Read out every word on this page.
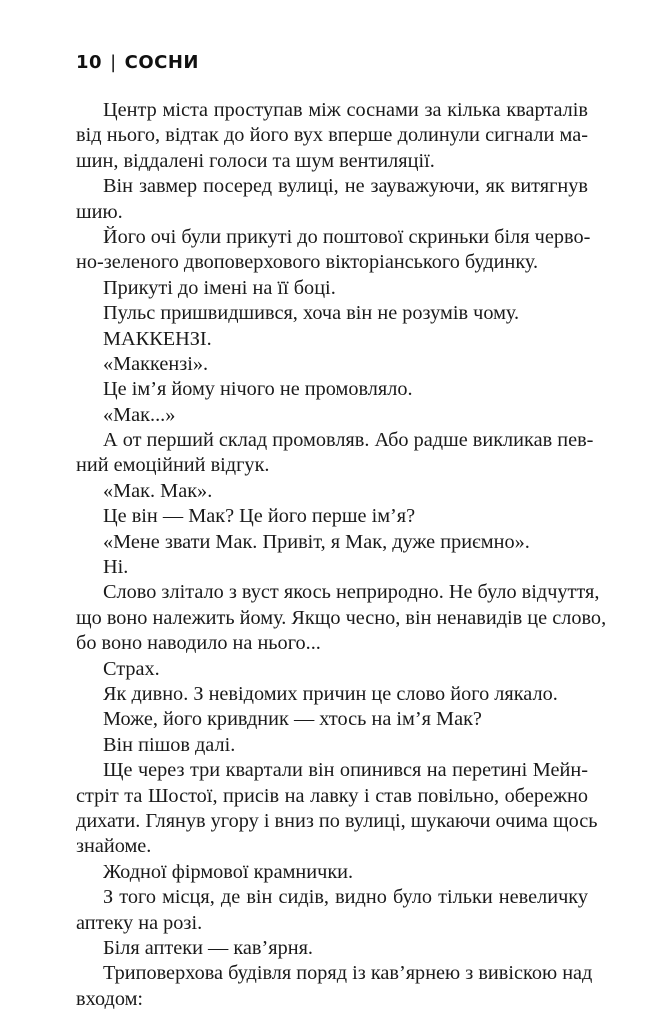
10 | СОСНИ
Центр міста проступав між соснами за кілька кварталів
від нього, відтак до його вух вперше долинули сигнали ма-
шин, віддалені голоси та шум вентиляції.
Він завмер посеред вулиці, не зауважуючи, як витягнув
шию.
Його очі були прикуті до поштової скриньки біля черво-
но-зеленого двоповерхового вікторіанського будинку.
Прикуті до імені на її боці.
Пульс пришвидшився, хоча він не розумів чому.
МАККЕНЗІ.
«Маккензі».
Це ім’я йому нічого не промовляло.
«Мак...»
А от перший склад промовляв. Або радше викликав пев-
ний емоційний відгук.
«Мак. Мак».
Це він — Мак? Це його перше ім’я?
«Мене звати Мак. Привіт, я Мак, дуже приємно».
Ні.
Слово злітало з вуст якось неприродно. Не було відчуття,
що воно належить йому. Якщо чесно, він ненавидів це слово,
бо воно наводило на нього...
Страх.
Як дивно. З невідомих причин це слово його лякало.
Може, його кривдник — хтось на ім’я Мак?
Він пішов далі.
Ще через три квартали він опинився на перетині Мейн-
стріт та Шостої, присів на лавку і став повільно, обережно
дихати. Глянув угору і вниз по вулиці, шукаючи очима щось
знайоме.
Жодної фірмової крамнички.
З того місця, де він сидів, видно було тільки невеличку
аптеку на розі.
Біля аптеки — кав’ярня.
Триповерхова будівля поряд із кав’ярнею з вивіскою над
входом:
